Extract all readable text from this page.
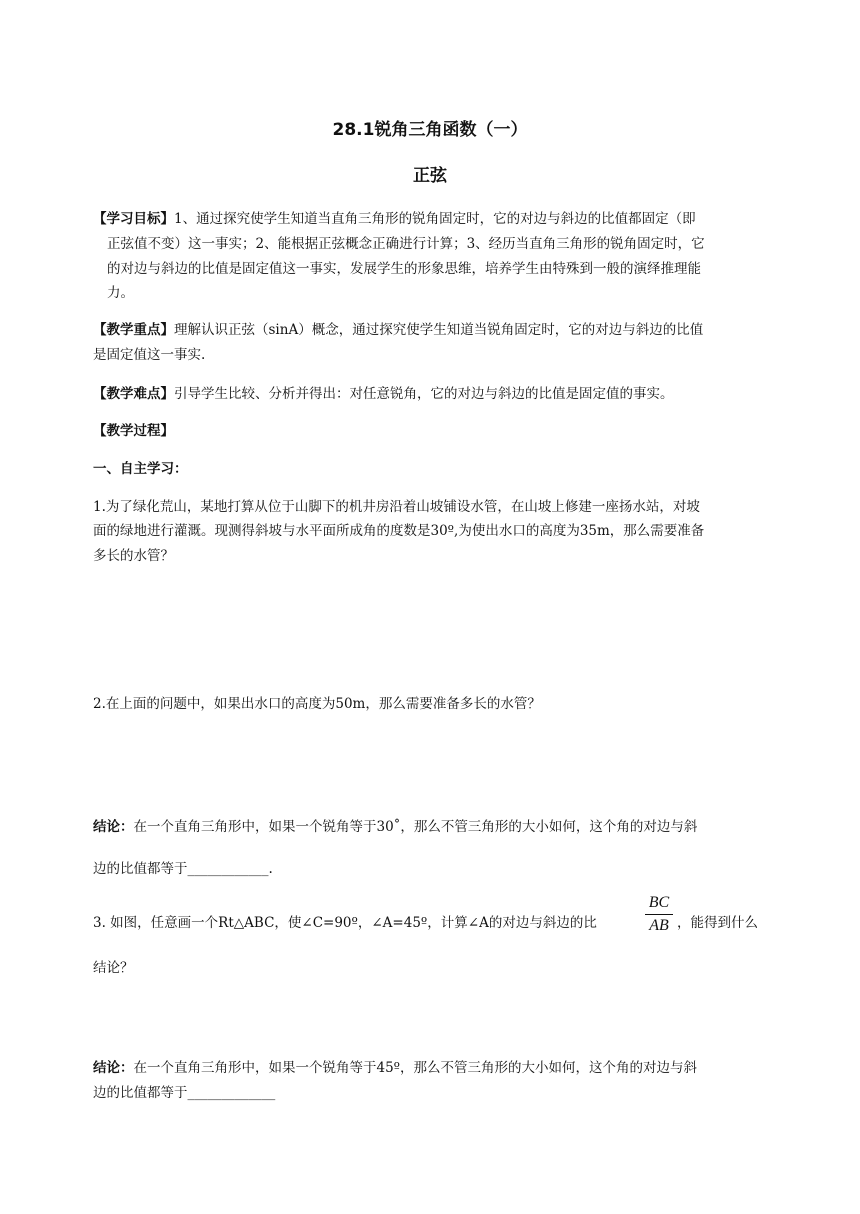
28.1锐角三角函数（一）
正弦
【学习目标】1、通过探究使学生知道当直角三角形的锐角固定时，它的对边与斜边的比值都固定（即
正弦值不变）这一事实；2、能根据正弦概念正确进行计算；3、经历当直角三角形的锐角固定时，它
的对边与斜边的比值是固定值这一事实，发展学生的形象思维，培养学生由特殊到一般的演绎推理能
力。
【教学重点】理解认识正弦（sinA）概念，通过探究使学生知道当锐角固定时，它的对边与斜边的比值
是固定值这一事实.
【教学难点】引导学生比较、分析并得出：对任意锐角，它的对边与斜边的比值是固定值的事实。
【教学过程】
一、自主学习：
1.为了绿化荒山，某地打算从位于山脚下的机井房沿着山坡铺设水管，在山坡上修建一座扬水站，对坡
面的绿地进行灌溉。现测得斜坡与水平面所成角的度数是30º,为使出水口的高度为35m，那么需要准备
多长的水管？
2.在上面的问题中，如果出水口的高度为50m，那么需要准备多长的水管？
结论：在一个直角三角形中，如果一个锐角等于30˚，那么不管三角形的大小如何，这个角的对边与斜
边的比值都等于____________.
3. 如图，任意画一个Rt△ABC，使∠C=90º，∠A=45º，计算∠A的对边与斜边的比
BC
AB ，能得到什么
结论？
结论：在一个直角三角形中，如果一个锐角等于45º，那么不管三角形的大小如何，这个角的对边与斜
边的比值都等于_____________
